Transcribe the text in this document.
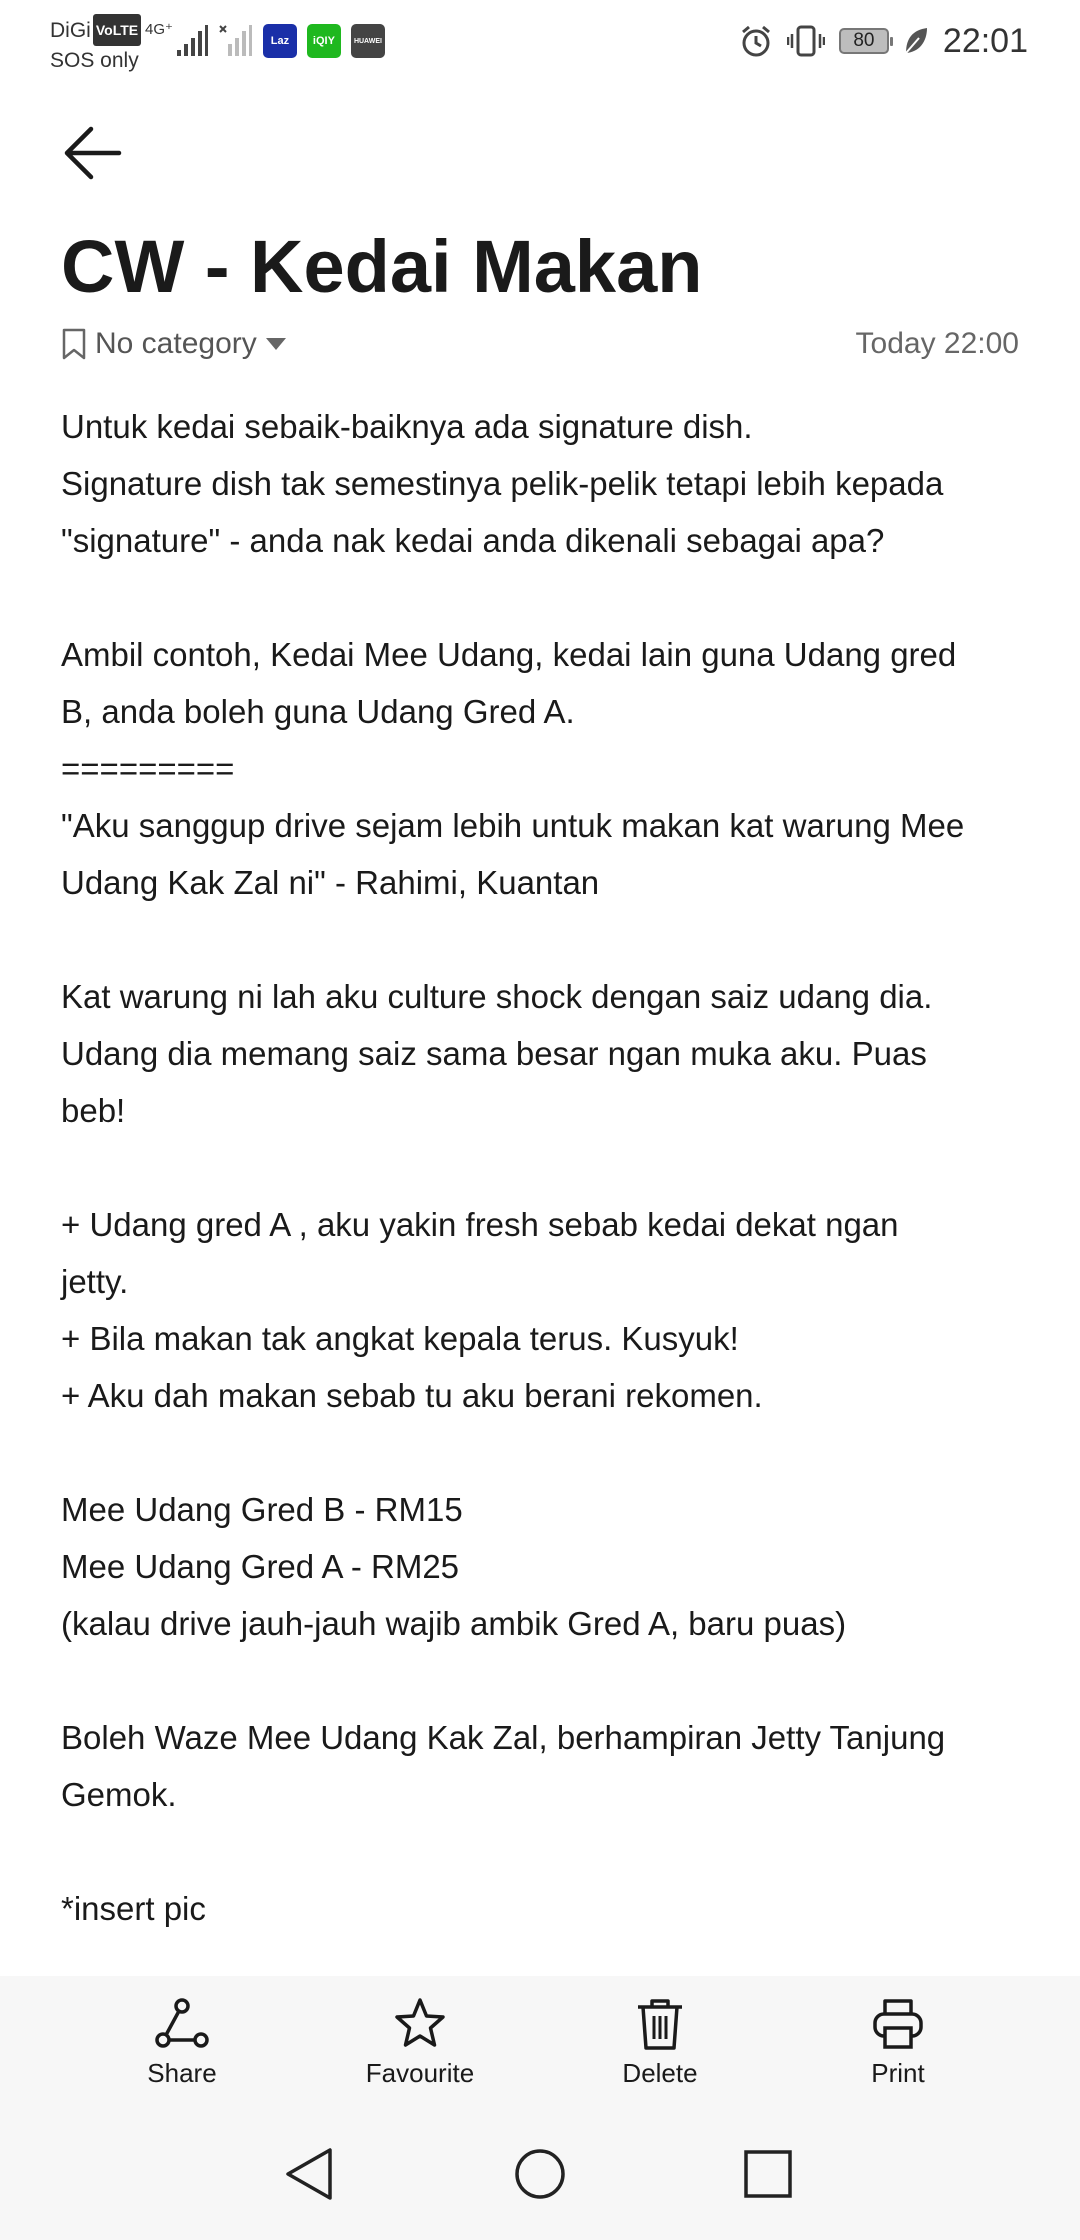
DiGi VoLTE
SOS only
4G⁺
Laz	iQIY	HUAWEI	80 22:01
CW - Kedai Makan
No category	Today 22:00
Untuk kedai sebaik-baiknya ada signature dish.
Signature dish tak semestinya pelik-pelik tetapi lebih kepada
"signature" - anda nak kedai anda dikenali sebagai apa?
Ambil contoh, Kedai Mee Udang, kedai lain guna Udang gred
B, anda boleh guna Udang Gred A.
=========
"Aku sanggup drive sejam lebih untuk makan kat warung Mee
Udang Kak Zal ni" - Rahimi, Kuantan
Kat warung ni lah aku culture shock dengan saiz udang dia.
Udang dia memang saiz sama besar ngan muka aku. Puas
beb!
+ Udang gred A , aku yakin fresh sebab kedai dekat ngan
jetty.
+ Bila makan tak angkat kepala terus. Kusyuk!
+ Aku dah makan sebab tu aku berani rekomen.
Mee Udang Gred B - RM15
Mee Udang Gred A - RM25
(kalau drive jauh-jauh wajib ambik Gred A, baru puas)
Boleh Waze Mee Udang Kak Zal, berhampiran Jetty Tanjung
Gemok.
*insert pic
Share	Favourite	Delete	Print
